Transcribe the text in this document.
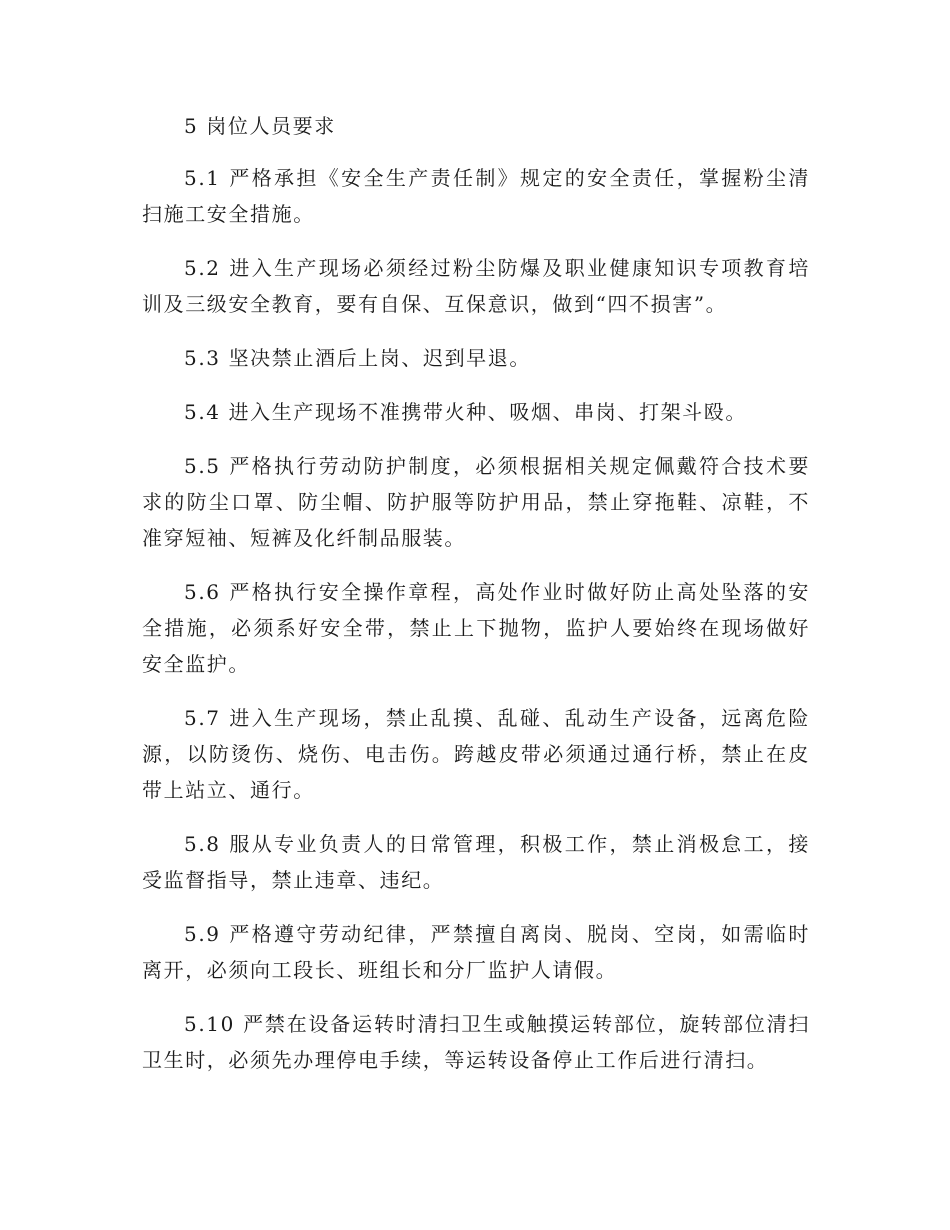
5 岗位人员要求

5.1 严格承担《安全生产责任制》规定的安全责任，掌握粉尘清扫施工安全措施。

5.2 进入生产现场必须经过粉尘防爆及职业健康知识专项教育培训及三级安全教育，要有自保、互保意识，做到“四不损害”。

5.3 坚决禁止酒后上岗、迟到早退。

5.4 进入生产现场不准携带火种、吸烟、串岗、打架斗殴。

5.5 严格执行劳动防护制度，必须根据相关规定佩戴符合技术要求的防尘口罩、防尘帽、防护服等防护用品，禁止穿拖鞋、凉鞋，不准穿短袖、短裤及化纤制品服装。

5.6 严格执行安全操作章程，高处作业时做好防止高处坠落的安全措施，必须系好安全带，禁止上下抛物，监护人要始终在现场做好安全监护。

5.7 进入生产现场，禁止乱摸、乱碰、乱动生产设备，远离危险源，以防烫伤、烧伤、电击伤。跨越皮带必须通过通行桥，禁止在皮带上站立、通行。

5.8 服从专业负责人的日常管理，积极工作，禁止消极怠工，接受监督指导，禁止违章、违纪。

5.9 严格遵守劳动纪律，严禁擅自离岗、脱岗、空岗，如需临时离开，必须向工段长、班组长和分厂监护人请假。

5.10 严禁在设备运转时清扫卫生或触摸运转部位，旋转部位清扫卫生时，必须先办理停电手续，等运转设备停止工作后进行清扫。
